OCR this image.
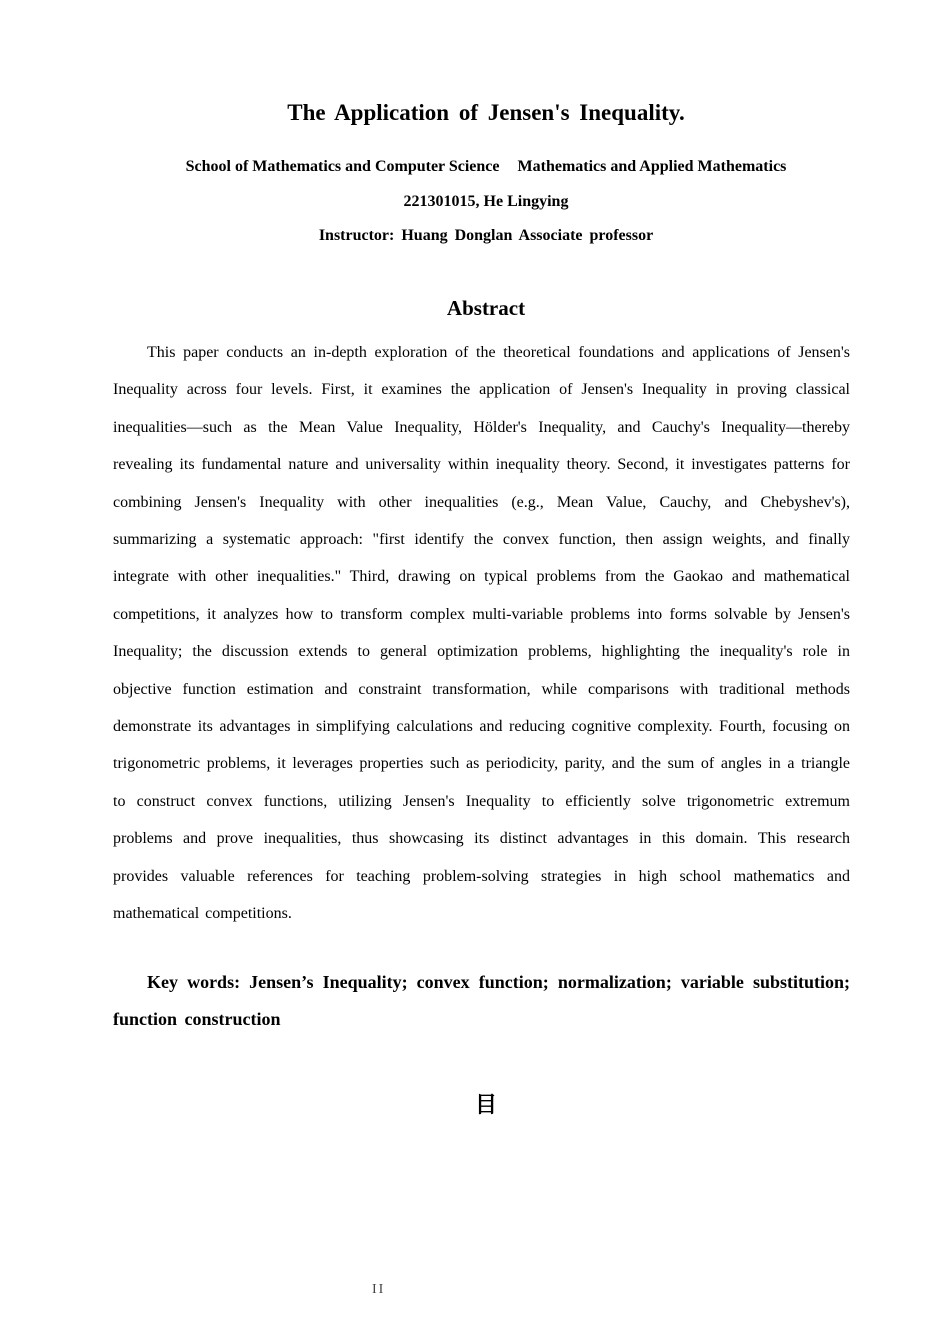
The Application of Jensen's Inequality.

School of Mathematics and Computer Science Mathematics and Applied Mathematics

221301015, He Lingying

Instructor: Huang Donglan Associate professor

Abstract

This paper conducts an in-depth exploration of the theoretical foundations and applications of Jensen's Inequality across four levels. First, it examines the application of Jensen's Inequality in proving classical inequalities—such as the Mean Value Inequality, Hölder's Inequality, and Cauchy's Inequality—thereby revealing its fundamental nature and universality within inequality theory. Second, it investigates patterns for combining Jensen's Inequality with other inequalities (e.g., Mean Value, Cauchy, and Chebyshev's), summarizing a systematic approach: "first identify the convex function, then assign weights, and finally integrate with other inequalities." Third, drawing on typical problems from the Gaokao and mathematical competitions, it analyzes how to transform complex multi-variable problems into forms solvable by Jensen's Inequality; the discussion extends to general optimization problems, highlighting the inequality's role in objective function estimation and constraint transformation, while comparisons with traditional methods demonstrate its advantages in simplifying calculations and reducing cognitive complexity. Fourth, focusing on trigonometric problems, it leverages properties such as periodicity, parity, and the sum of angles in a triangle to construct convex functions, utilizing Jensen's Inequality to efficiently solve trigonometric extremum problems and prove inequalities, thus showcasing its distinct advantages in this domain. This research provides valuable references for teaching problem-solving strategies in high school mathematics and mathematical competitions.

Key words: Jensen’s Inequality; convex function; normalization; variable substitution; function construction

目

II
